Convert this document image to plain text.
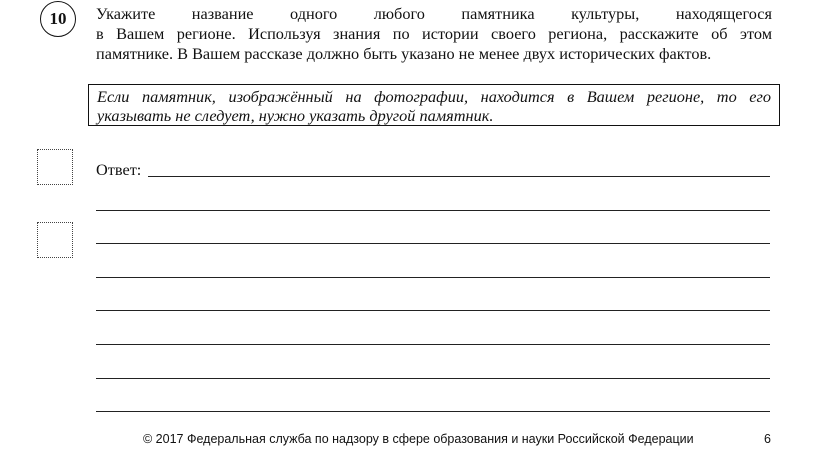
10 Укажите название одного любого памятника культуры, находящегося
в Вашем регионе. Используя знания по истории своего региона, расскажите об этом
памятнике. В Вашем рассказе должно быть указано не менее двух исторических фактов.
Если памятник, изображённый на фотографии, находится в Вашем регионе, то его
указывать не следует, нужно указать другой памятник.
Ответ:
© 2017 Федеральная служба по надзору в сфере образования и науки Российской Федерации	6
